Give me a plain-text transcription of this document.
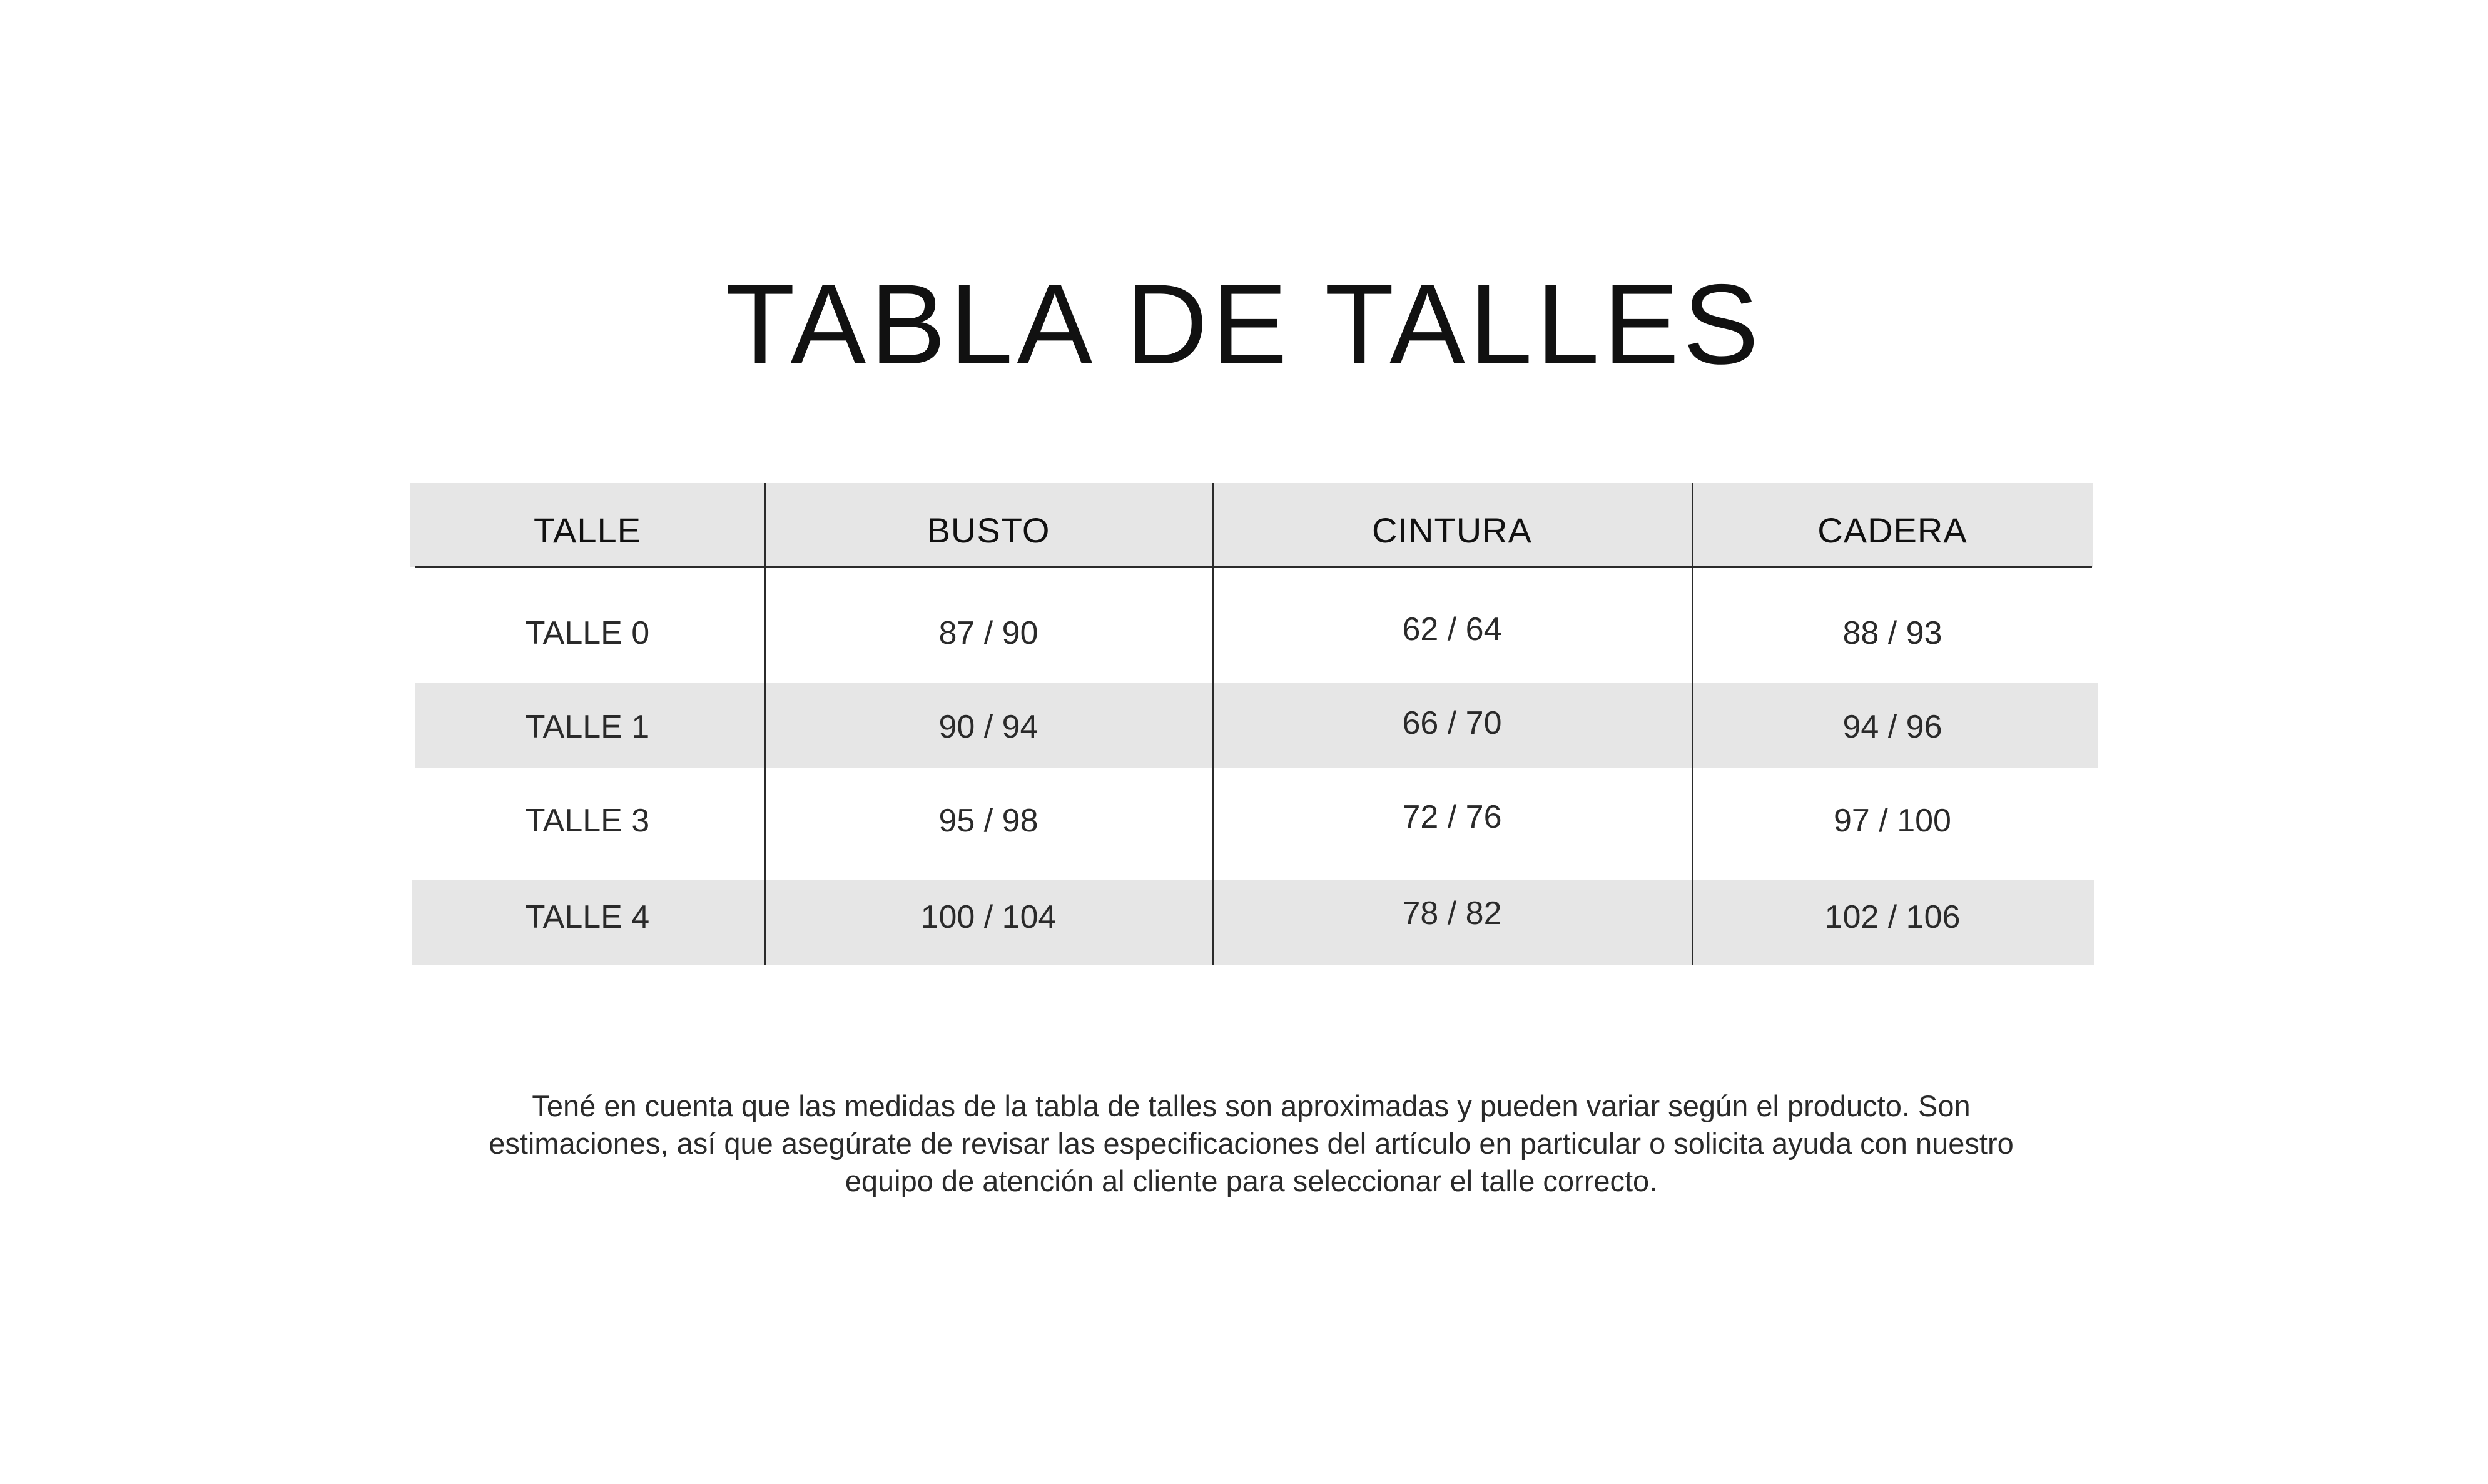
TABLA DE TALLES
TALLE	BUSTO	CINTURA	CADERA
TALLE 0	87 / 90	62 / 64	88 / 93
TALLE 1	90 / 94	66 / 70	94 / 96
TALLE 3	95 / 98	72 / 76	97 / 100
TALLE 4	100 / 104	78 / 82	102 / 106
Tené en cuenta que las medidas de la tabla de talles son aproximadas y pueden variar según el producto. Son
estimaciones, así que asegúrate de revisar las especificaciones del artículo en particular o solicita ayuda con nuestro
equipo de atención al cliente para seleccionar el talle correcto.
